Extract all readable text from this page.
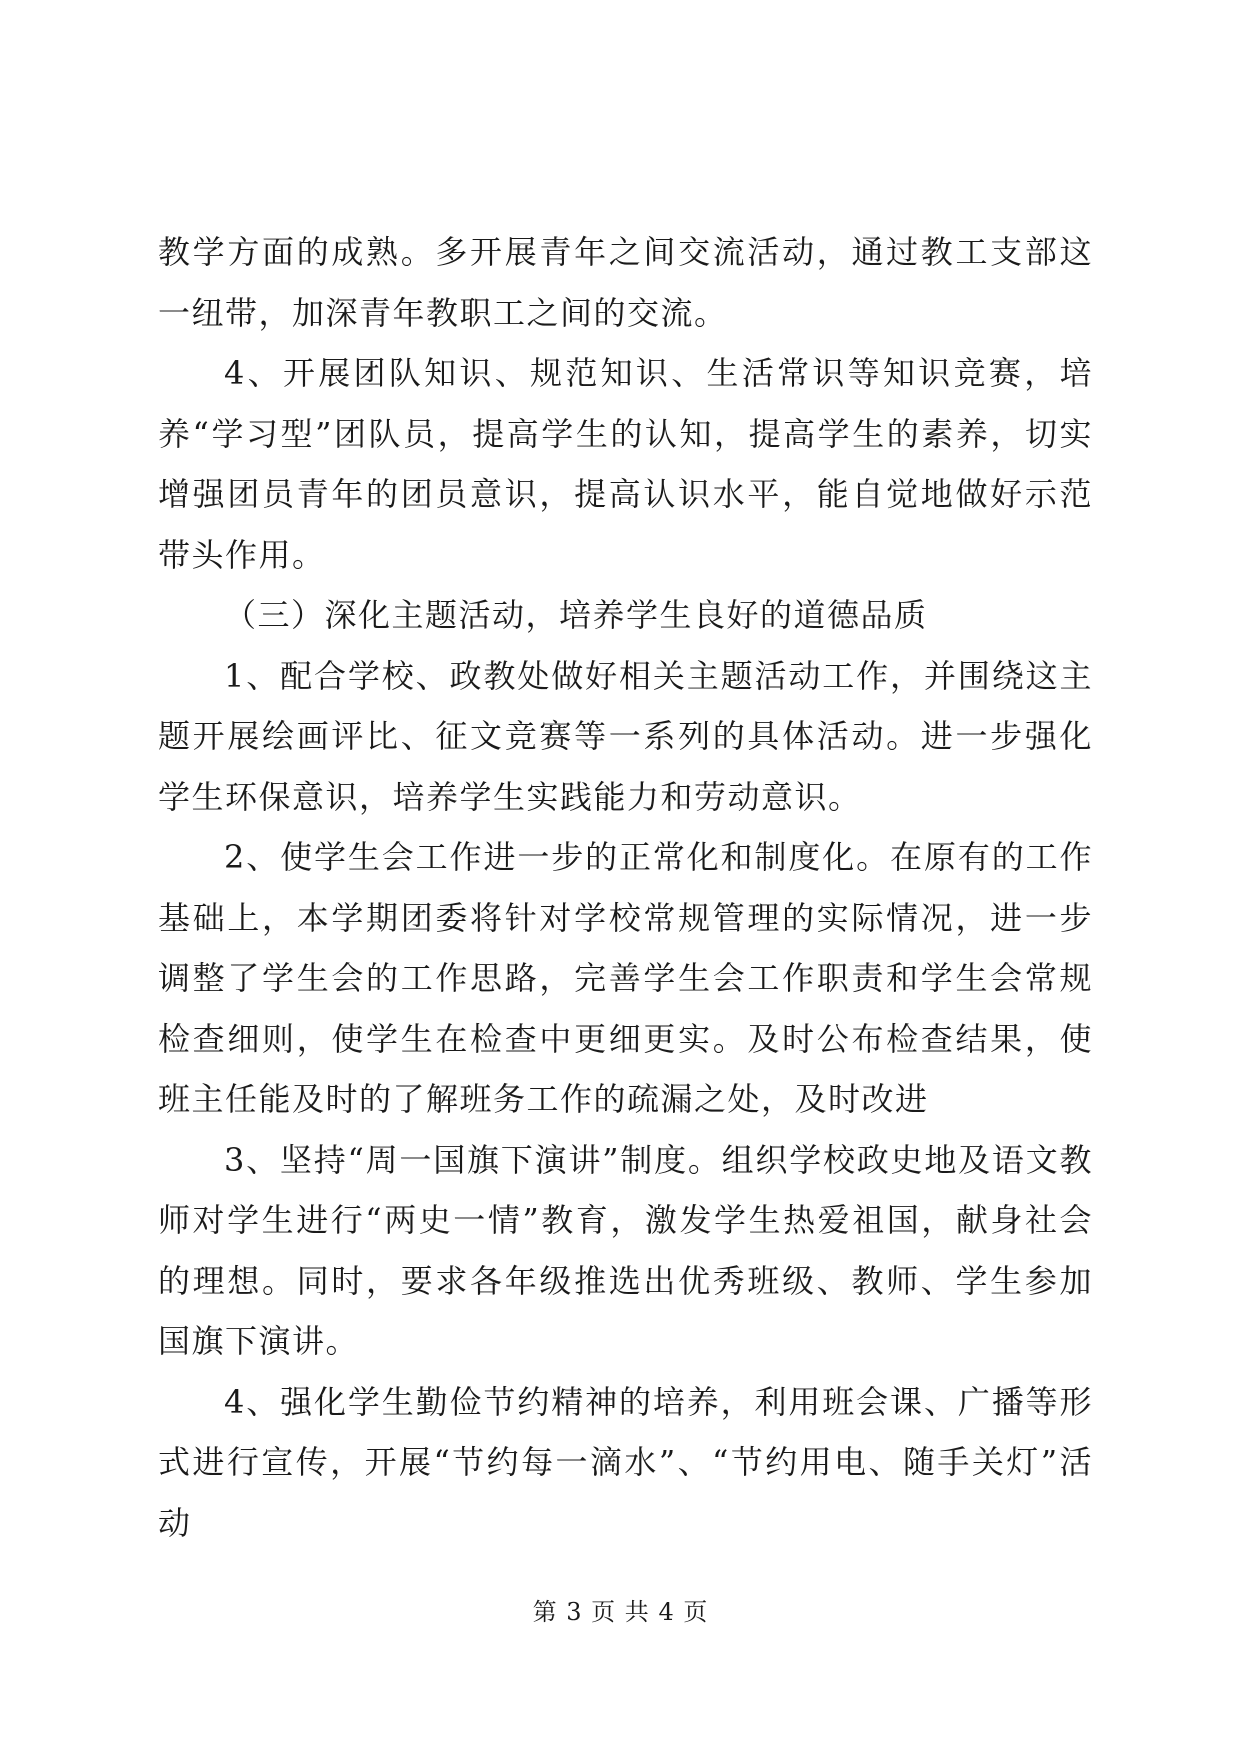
教学方面的成熟。多开展青年之间交流活动，通过教工支部这一纽带，加深青年教职工之间的交流。

4、开展团队知识、规范知识、生活常识等知识竞赛，培养“学习型”团队员，提高学生的认知，提高学生的素养，切实增强团员青年的团员意识，提高认识水平，能自觉地做好示范带头作用。

（三）深化主题活动，培养学生良好的道德品质

1、配合学校、政教处做好相关主题活动工作，并围绕这主题开展绘画评比、征文竞赛等一系列的具体活动。进一步强化学生环保意识，培养学生实践能力和劳动意识。

2、使学生会工作进一步的正常化和制度化。在原有的工作基础上，本学期团委将针对学校常规管理的实际情况，进一步调整了学生会的工作思路，完善学生会工作职责和学生会常规检查细则，使学生在检查中更细更实。及时公布检查结果，使班主任能及时的了解班务工作的疏漏之处，及时改进

3、坚持“周一国旗下演讲”制度。组织学校政史地及语文教师对学生进行“两史一情”教育，激发学生热爱祖国，献身社会的理想。同时，要求各年级推选出优秀班级、教师、学生参加国旗下演讲。

4、强化学生勤俭节约精神的培养，利用班会课、广播等形式进行宣传，开展“节约每一滴水”、“节约用电、随手关灯”活动

第 3 页 共 4 页
